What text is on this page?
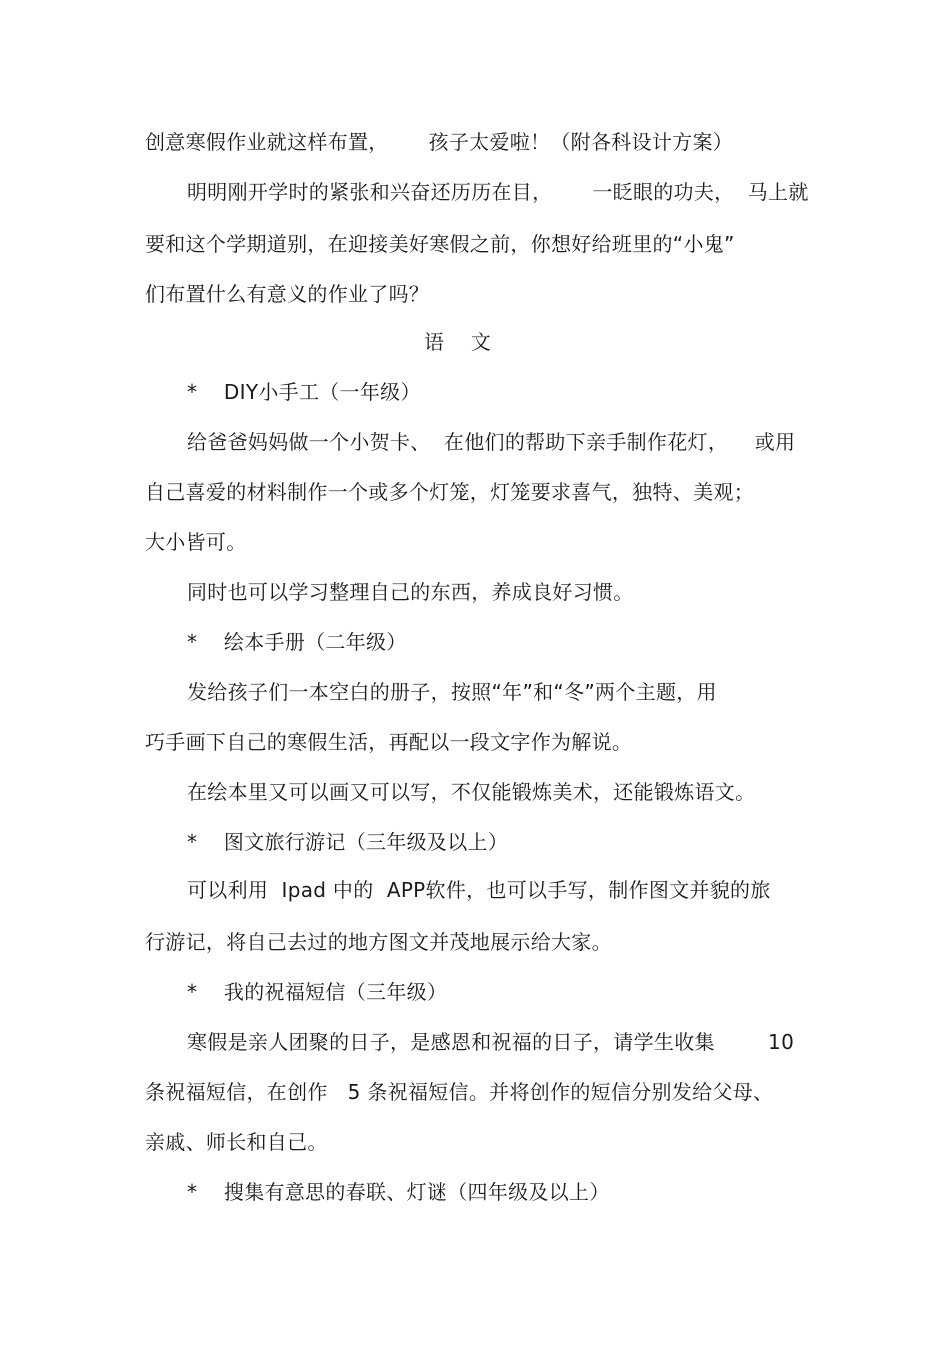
创意寒假作业就这样布置，      孩子太爱啦！（附各科设计方案）
明明刚开学时的紧张和兴奋还历历在目，      一眨眼的功夫，  马上就
要和这个学期道别，在迎接美好寒假之前，你想好给班里的“小鬼”
们布置什么有意义的作业了吗？
语    文
*    DIY小手工（一年级）
给爸爸妈妈做一个小贺卡、  在他们的帮助下亲手制作花灯，    或用
自己喜爱的材料制作一个或多个灯笼，灯笼要求喜气，独特、美观；
大小皆可。
同时也可以学习整理自己的东西，养成良好习惯。
*    绘本手册（二年级）
发给孩子们一本空白的册子，按照“年”和“冬”两个主题，用
巧手画下自己的寒假生活，再配以一段文字作为解说。
在绘本里又可以画又可以写，不仅能锻炼美术，还能锻炼语文。
*    图文旅行游记（三年级及以上）
可以利用  Ipad 中的  APP软件，也可以手写，制作图文并貌的旅
行游记，将自己去过的地方图文并茂地展示给大家。
*    我的祝福短信（三年级）
寒假是亲人团聚的日子，是感恩和祝福的日子，请学生收集        10
条祝福短信，在创作   5 条祝福短信。并将创作的短信分别发给父母、
亲戚、师长和自己。
*    搜集有意思的春联、灯谜（四年级及以上）
